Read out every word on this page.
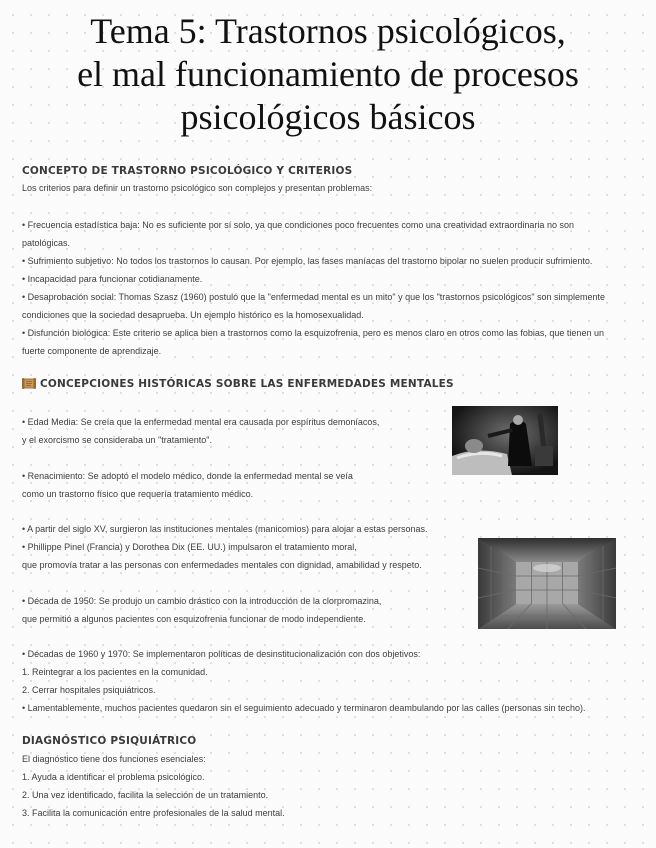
Tema 5: Trastornos psicológicos,
el mal funcionamiento de procesos
psicológicos básicos
CONCEPTO DE TRASTORNO PSICOLÓGICO Y CRITERIOS
Los criterios para definir un trastorno psicológico son complejos y presentan problemas:
• Frecuencia estadística baja: No es suficiente por sí solo, ya que condiciones poco frecuentes como una creatividad extraordinaria no son patológicas.
• Sufrimiento subjetivo: No todos los trastornos lo causan. Por ejemplo, las fases maníacas del trastorno bipolar no suelen producir sufrimiento.
• Incapacidad para funcionar cotidianamente.
• Desaprobación social: Thomas Szasz (1960) postuló que la "enfermedad mental es un mito" y que los "trastornos psicológicos" son simplemente condiciones que la sociedad desaprueba. Un ejemplo histórico es la homosexualidad.
• Disfunción biológica: Este criterio se aplica bien a trastornos como la esquizofrenia, pero es menos claro en otros como las fobias, que tienen un fuerte componente de aprendizaje.
CONCEPCIONES HISTÓRICAS SOBRE LAS ENFERMEDADES MENTALES
• Edad Media: Se creía que la enfermedad mental era causada por espíritus demoníacos,
y el exorcismo se consideraba un "tratamiento".
• Renacimiento: Se adoptó el modelo médico, donde la enfermedad mental se veía
como un trastorno físico que requería tratamiento médico.
• A partir del siglo XV, surgieron las instituciones mentales (manicomios) para alojar a estas personas.
• Phillippe Pinel (Francia) y Dorothea Dix (EE. UU.) impulsaron el tratamiento moral,
que promovía tratar a las personas con enfermedades mentales con dignidad, amabilidad y respeto.
• Década de 1950: Se produjo un cambio drástico con la introducción de la clorpromazina,
que permitió a algunos pacientes con esquizofrenia funcionar de modo independiente.
• Décadas de 1960 y 1970: Se implementaron políticas de desinstitucionalización con dos objetivos:
1. Reintegrar a los pacientes en la comunidad.
2. Cerrar hospitales psiquiátricos.
• Lamentablemente, muchos pacientes quedaron sin el seguimiento adecuado y terminaron deambulando por las calles (personas sin techo).
DIAGNÓSTICO PSIQUIÁTRICO
El diagnóstico tiene dos funciones esenciales:
1. Ayuda a identificar el problema psicológico.
2. Una vez identificado, facilita la selección de un tratamiento.
3. Facilita la comunicación entre profesionales de la salud mental.
